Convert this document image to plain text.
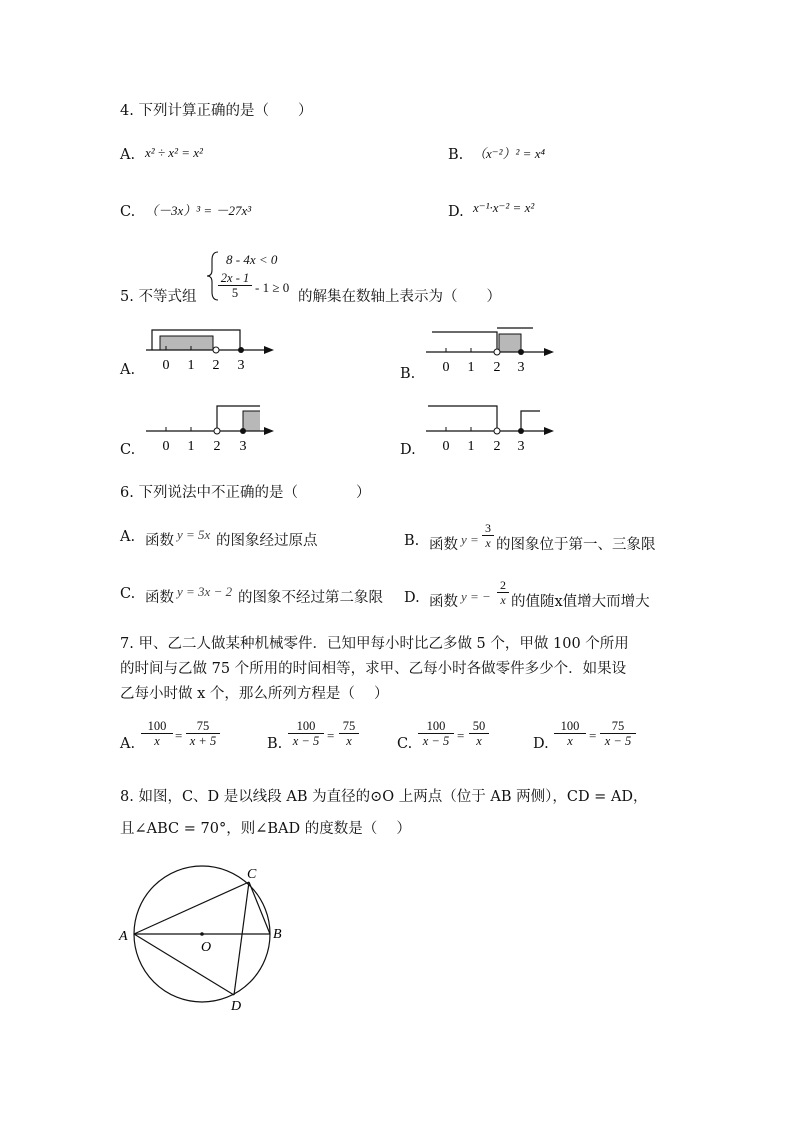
4. 下列计算正确的是（　　）
A. x² ÷ x² = x²	B. （x⁻²）² = x⁴
C. （－3x）³ = －27x³	D. x⁻¹·x⁻² = x²
5. 不等式组
8 - 4x < 0
$\frac{2x - 1}{5} - 1 \ge 0$
的解集在数轴上表示为（　　）
A. 0 1 2 3
B. 0 1 2 3
C. 0 1 2 3	D. 0 1 2 3
6. 下列说法中不正确的是（　　　　）
A. 函数 y = 5x 的图象经过原点	B. 函数 $y = \frac{3}{x}$ 的图象位于第一、三象限
C. 函数 y = 3x − 2 的图象不经过第二象限 D. 函数 y = − $\frac{2}{x}$ 的值随x值增大而增大
7. 甲、乙二人做某种机械零件．已知甲每小时比乙多做 5 个，甲做 100 个所用
的时间与乙做 75 个所用的时间相等，求甲、乙每小时各做零件多少个．如果设
乙每小时做 x 个，那么所列方程是（　 ）
A. $\frac{100}{x} = \frac{75}{x + 5}$	B. $\frac{100}{x - 5} = \frac{75}{x}$	C. $\frac{100}{x - 5} = \frac{50}{x}$	D. $\frac{100}{x} = \frac{75}{x - 5}$
8. 如图，C、D 是以线段 AB 为直径的⊙O 上两点（位于 AB 两侧），CD = AD，
且∠ABC = 70°，则∠BAD 的度数是（　 ）
A	B
C
D
O
